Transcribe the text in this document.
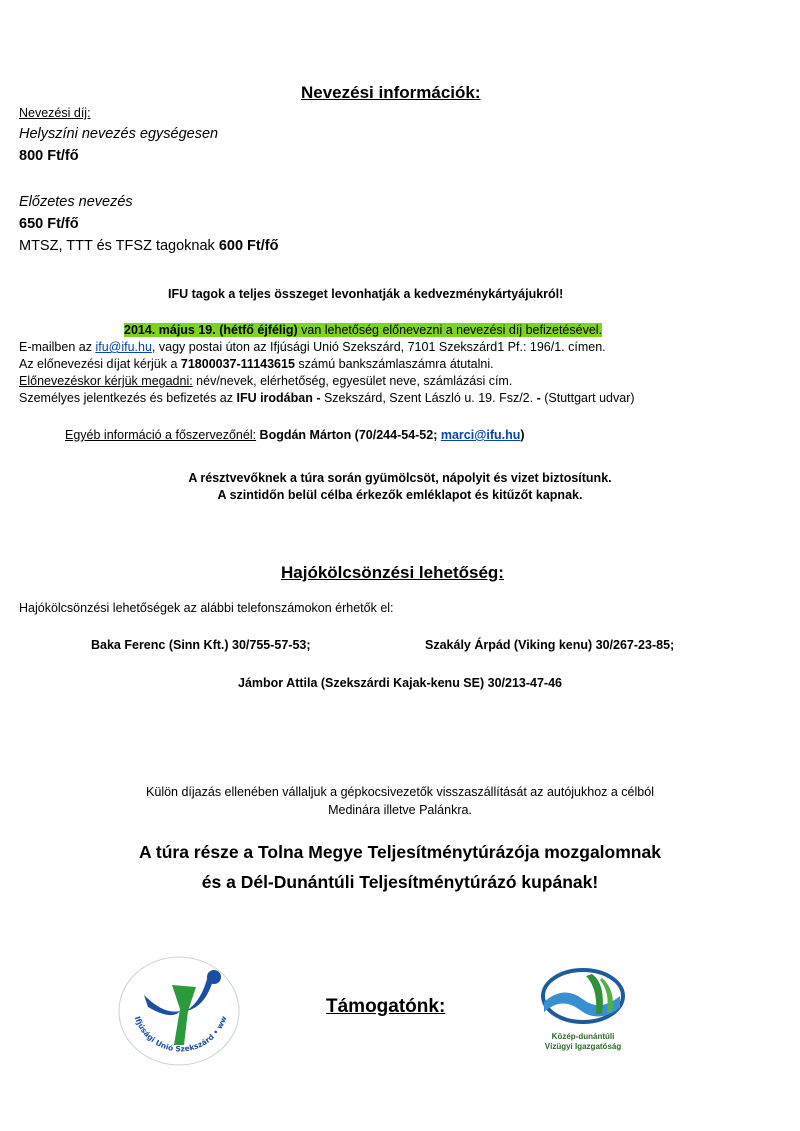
Nevezési információk:
Nevezési díj:
Helyszíni nevezés egységesen
800 Ft/fő
Előzetes nevezés
650 Ft/fő
MTSZ, TTT és TFSZ tagoknak 600 Ft/fő
IFU tagok a teljes összeget levonhatják a kedvezménykártyájukról!
2014. május 19. (hétfő éjfélig) van lehetőség előnevezni a nevezési díj befizetésével.
E-mailben az ifu@ifu.hu, vagy postai úton az Ifjúsági Unió Szekszárd, 7101 Szekszárd1 Pf.: 196/1. címen.
Az előnevezési díjat kérjük a 71800037-11143615 számú bankszámlaszámra átutalni.
Előnevezéskor kérjük megadni: név/nevek, elérhetőség, egyesület neve, számlázási cím.
Személyes jelentkezés és befizetés az IFU irodában - Szekszárd, Szent László u. 19. Fsz/2. - (Stuttgart udvar)
Egyéb információ a főszervezőnél: Bogdán Márton (70/244-54-52; marci@ifu.hu)
A résztvevőknek a túra során gyümölcsöt, nápolyit és vizet biztosítunk.
A szintidőn belül célba érkezők emléklapot és kitűzőt kapnak.
Hajókölcsönzési lehetőség:
Hajókölcsönzési lehetőségek az alábbi telefonszámokon érhetők el:
Baka Ferenc (Sinn Kft.) 30/755-57-53;	Szakály Árpád (Viking kenu) 30/267-23-85;
Jámbor Attila (Szekszárdi Kajak-kenu SE) 30/213-47-46
Külön díjazás ellenében vállaljuk a gépkocsivezetők visszaszállítását az autójukhoz a célból
Medinára illetve Palánkra.
A túra része a Tolna Megye Teljesítménytúrázója mozgalomnak
és a Dél-Dunántúli Teljesítménytúrázó kupának!
Ifjúsági Unió Szekszárd • ww
Támogatónk:
Közép-dunántúli
Vízügyi Igazgatóság
